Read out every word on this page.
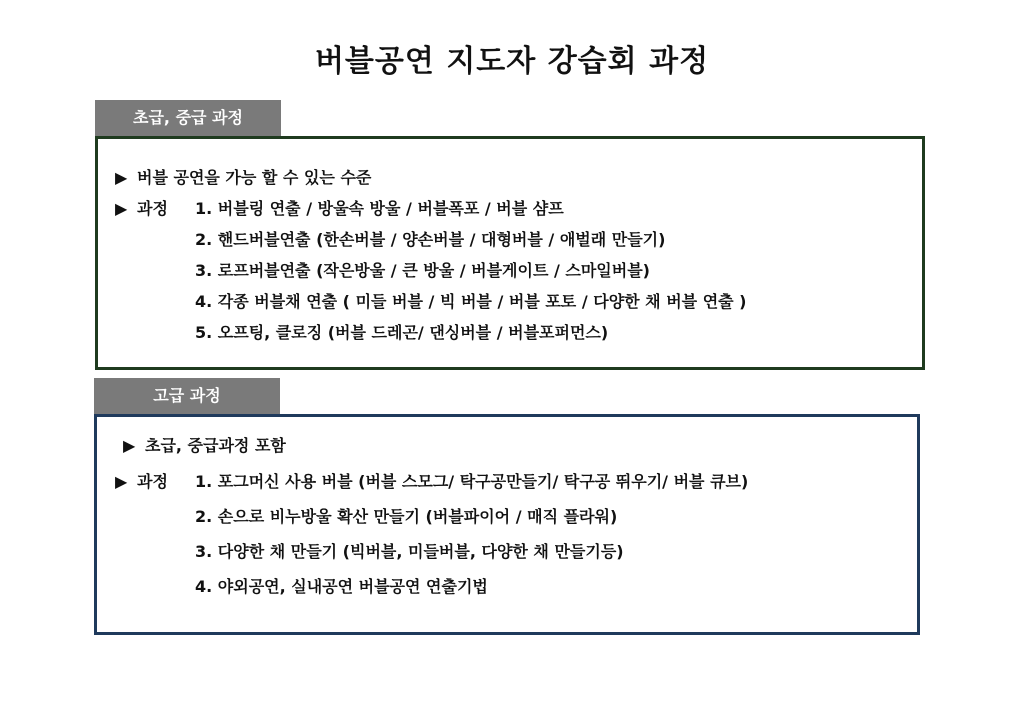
버블공연 지도자 강습회 과정
초급, 중급 과정
▶ 버블 공연을 가능 할 수 있는 수준
▶ 과정 1. 버블링 연출 / 방울속 방울 / 버블폭포 / 버블 샴프
2. 핸드버블연출 (한손버블 / 양손버블 / 대형버블 / 애벌래 만들기)
3. 로프버블연출 (작은방울 / 큰 방울 / 버블게이트 / 스마일버블)
4. 각종 버블채 연출 ( 미들 버블 / 빅 버블 / 버블 포토 / 다양한 채 버블 연출 )
5. 오프팅, 클로징 (버블 드레곤/ 댄싱버블 / 버블포퍼먼스)
고급 과정
▶ 초급, 중급과정 포함
▶ 과정 1. 포그머신 사용 버블 (버블 스모그/ 탁구공만들기/ 탁구공 뛰우기/ 버블 큐브)
2. 손으로 비누방울 확산 만들기 (버블파이어 / 매직 플라워)
3. 다양한 채 만들기 (빅버블, 미들버블, 다양한 채 만들기등)
4. 야외공연, 실내공연 버블공연 연출기법
